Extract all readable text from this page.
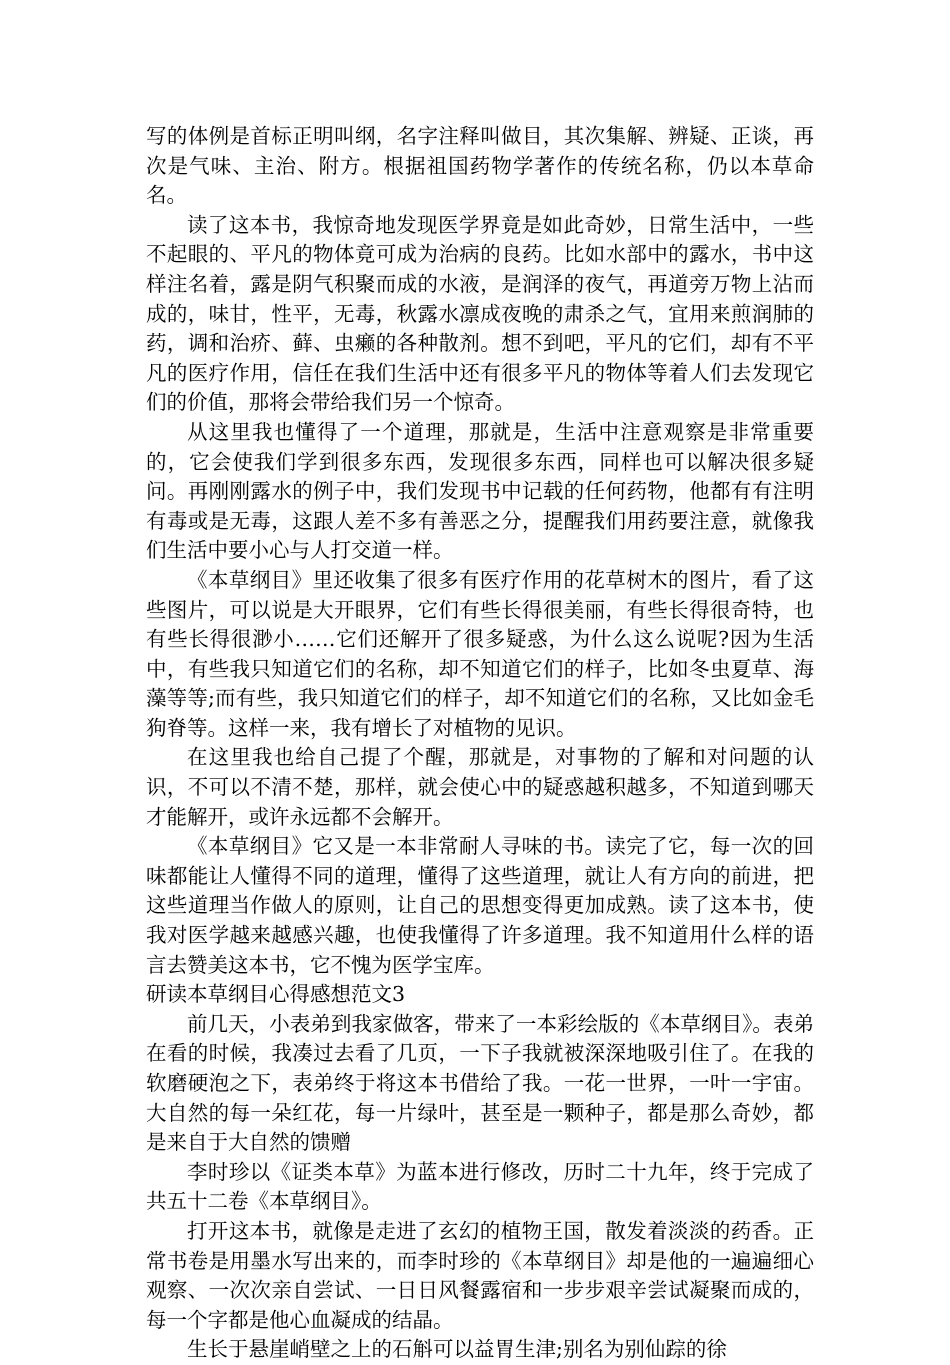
写的体例是首标正明叫纲，名字注释叫做目，其次集解、辨疑、正谈，再次是气味、主治、附方。根据祖国药物学著作的传统名称，仍以本草命名。

读了这本书，我惊奇地发现医学界竟是如此奇妙，日常生活中，一些不起眼的、平凡的物体竟可成为治病的良药。比如水部中的露水，书中这样注名着，露是阴气积聚而成的水液，是润泽的夜气，再道旁万物上沾而成的，味甘，性平，无毒，秋露水凛成夜晚的肃杀之气，宜用来煎润肺的药，调和治疥、藓、虫癞的各种散剂。想不到吧，平凡的它们，却有不平凡的医疗作用，信任在我们生活中还有很多平凡的物体等着人们去发现它们的价值，那将会带给我们另一个惊奇。

从这里我也懂得了一个道理，那就是，生活中注意观察是非常重要的，它会使我们学到很多东西，发现很多东西，同样也可以解决很多疑问。再刚刚露水的例子中，我们发现书中记载的任何药物，他都有有注明有毒或是无毒，这跟人差不多有善恶之分，提醒我们用药要注意，就像我们生活中要小心与人打交道一样。

《本草纲目》里还收集了很多有医疗作用的花草树木的图片，看了这些图片，可以说是大开眼界，它们有些长得很美丽，有些长得很奇特，也有些长得很渺小……它们还解开了很多疑惑，为什么这么说呢?因为生活中，有些我只知道它们的名称，却不知道它们的样子，比如冬虫夏草、海藻等等;而有些，我只知道它们的样子，却不知道它们的名称，又比如金毛狗脊等。这样一来，我有增长了对植物的见识。

在这里我也给自己提了个醒，那就是，对事物的了解和对问题的认识，不可以不清不楚，那样，就会使心中的疑惑越积越多，不知道到哪天才能解开，或许永远都不会解开。

《本草纲目》它又是一本非常耐人寻味的书。读完了它，每一次的回味都能让人懂得不同的道理，懂得了这些道理，就让人有方向的前进，把这些道理当作做人的原则，让自己的思想变得更加成熟。读了这本书，使我对医学越来越感兴趣，也使我懂得了许多道理。我不知道用什么样的语言去赞美这本书，它不愧为医学宝库。

研读本草纲目心得感想范文3

前几天，小表弟到我家做客，带来了一本彩绘版的《本草纲目》。表弟在看的时候，我凑过去看了几页，一下子我就被深深地吸引住了。在我的软磨硬泡之下，表弟终于将这本书借给了我。一花一世界，一叶一宇宙。大自然的每一朵红花，每一片绿叶，甚至是一颗种子，都是那么奇妙，都是来自于大自然的馈赠

李时珍以《证类本草》为蓝本进行修改，历时二十九年，终于完成了共五十二卷《本草纲目》。

打开这本书，就像是走进了玄幻的植物王国，散发着淡淡的药香。正常书卷是用墨水写出来的，而李时珍的《本草纲目》却是他的一遍遍细心观察、一次次亲自尝试、一日日风餐露宿和一步步艰辛尝试凝聚而成的，每一个字都是他心血凝成的结晶。

生长于悬崖峭壁之上的石斛可以益胃生津;别名为别仙踪的徐
